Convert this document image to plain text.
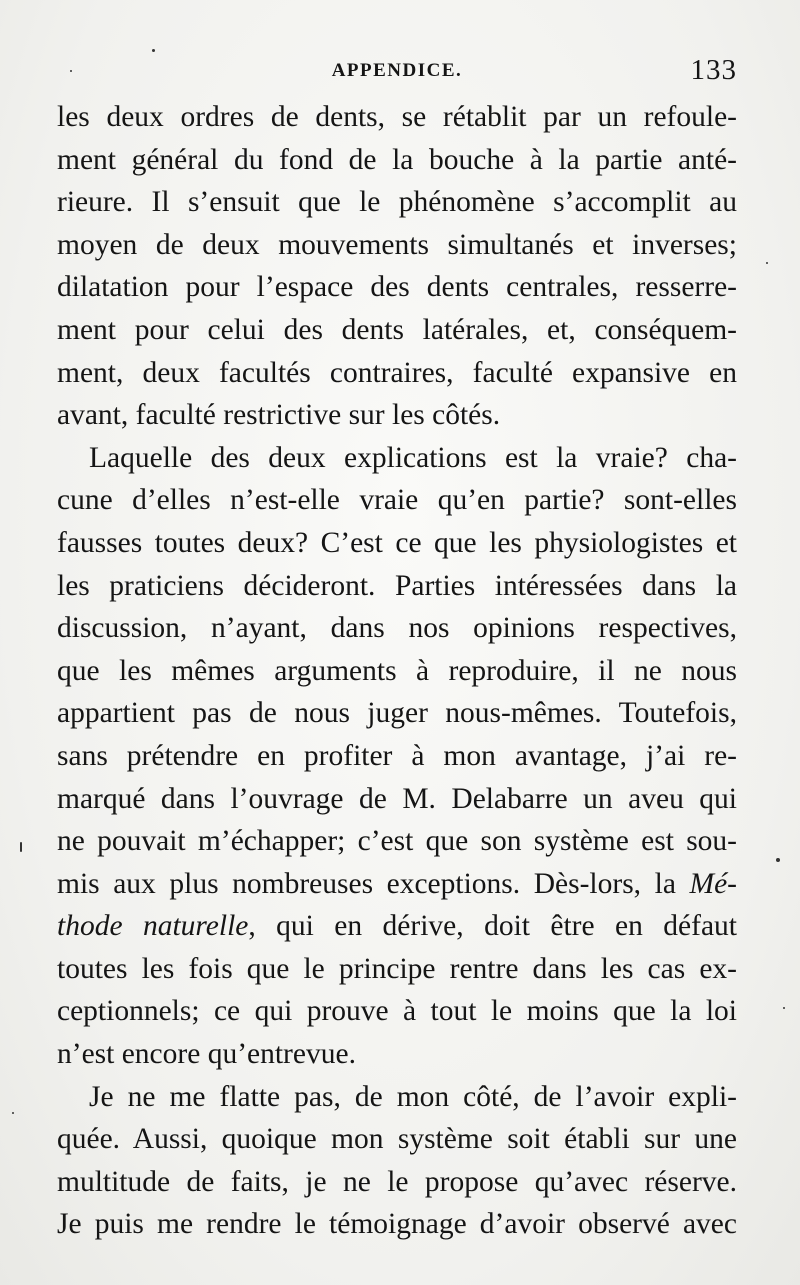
APPENDICE.	133
les deux ordres de dents, se rétablit par un refoule-
ment général du fond de la bouche à la partie anté-
rieure. Il s’ensuit que le phénomène s’accomplit au
moyen de deux mouvements simultanés et inverses;
dilatation pour l’espace des dents centrales, resserre-
ment pour celui des dents latérales, et, conséquem-
ment, deux facultés contraires, faculté expansive en
avant, faculté restrictive sur les côtés.
Laquelle des deux explications est la vraie? cha-
cune d’elles n’est-elle vraie qu’en partie? sont-elles
fausses toutes deux? C’est ce que les physiologistes et
les praticiens décideront. Parties intéressées dans la
discussion, n’ayant, dans nos opinions respectives,
que les mêmes arguments à reproduire, il ne nous
appartient pas de nous juger nous-mêmes. Toutefois,
sans prétendre en profiter à mon avantage, j’ai re-
marqué dans l’ouvrage de M. Delabarre un aveu qui
ne pouvait m’échapper; c’est que son système est sou-
mis aux plus nombreuses exceptions. Dès-lors, la Mé-
thode naturelle, qui en dérive, doit être en défaut
toutes les fois que le principe rentre dans les cas ex-
ceptionnels; ce qui prouve à tout le moins que la loi
n’est encore qu’entrevue.
Je ne me flatte pas, de mon côté, de l’avoir expli-
quée. Aussi, quoique mon système soit établi sur une
multitude de faits, je ne le propose qu’avec réserve.
Je puis me rendre le témoignage d’avoir observé avec
